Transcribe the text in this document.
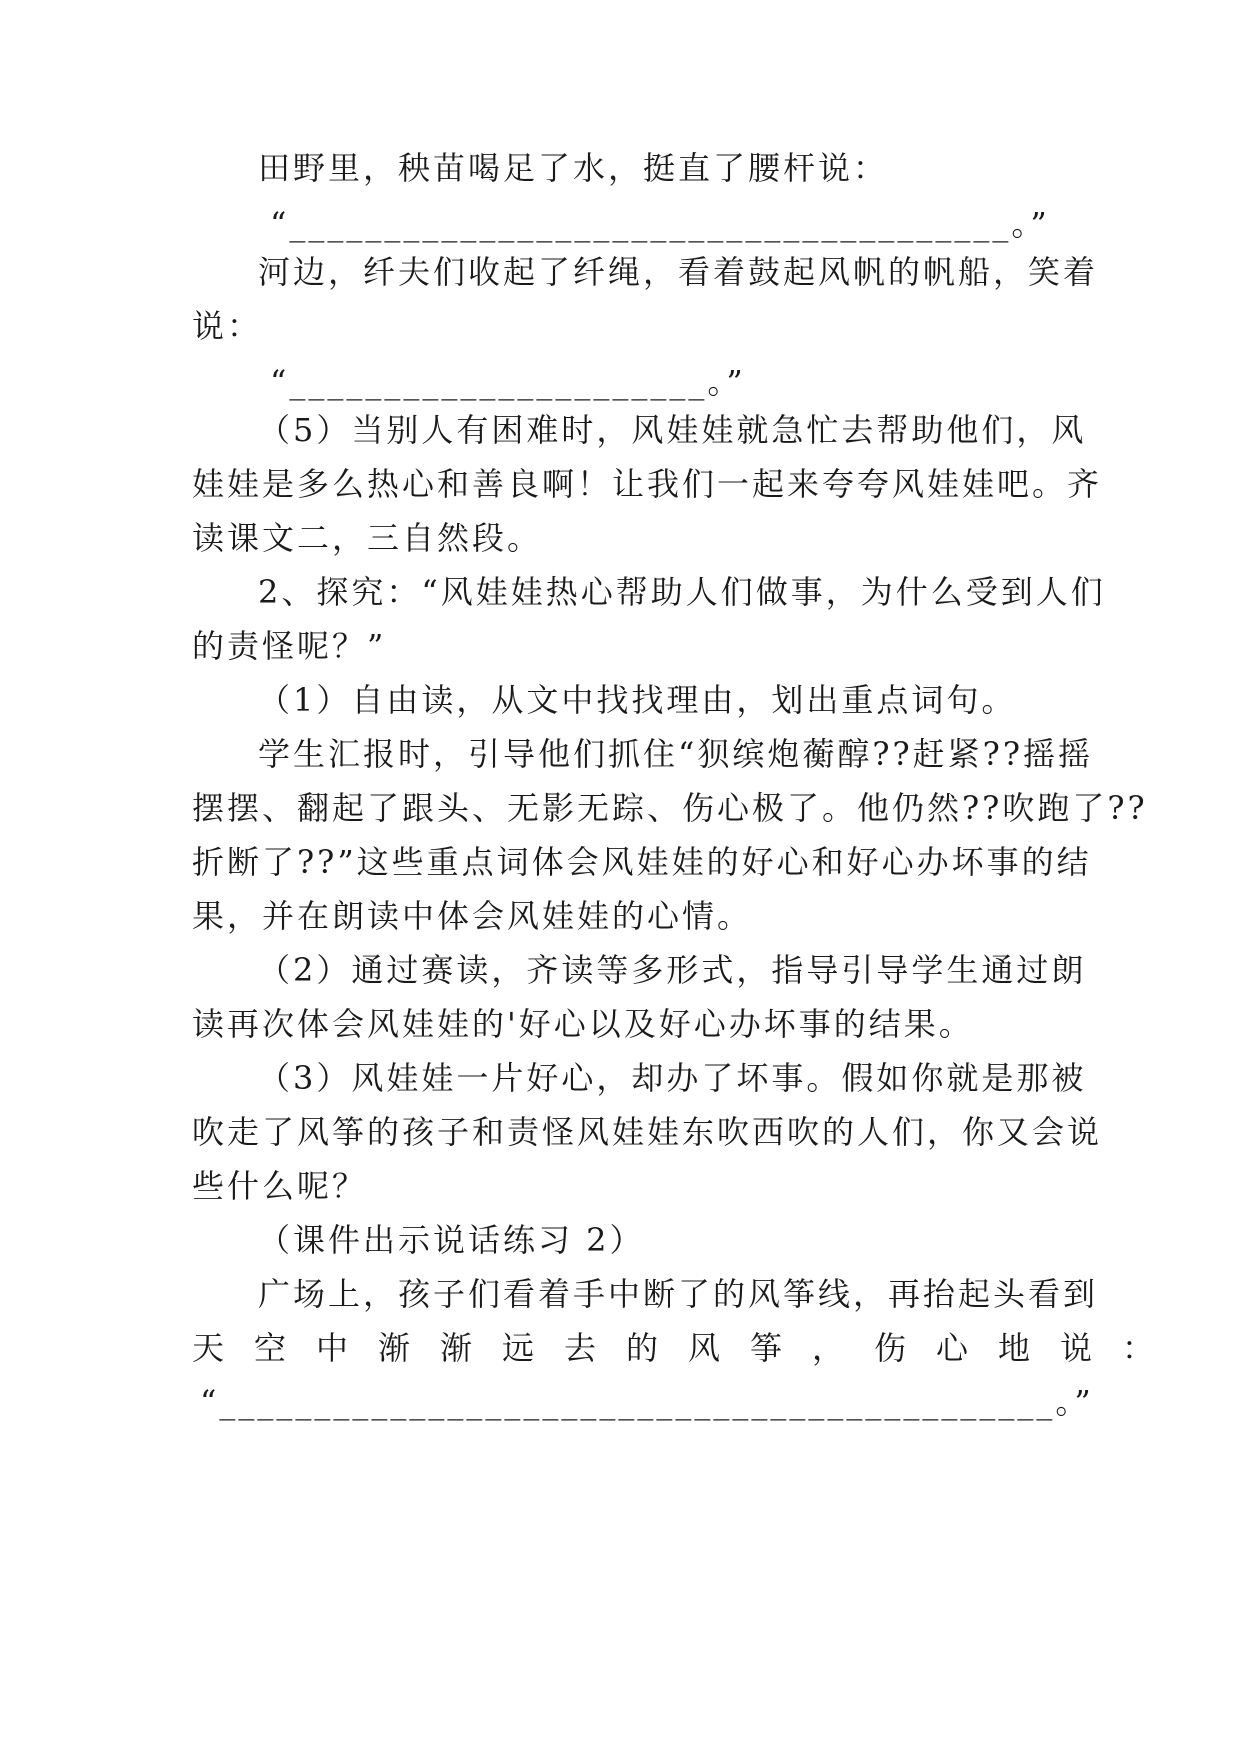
田野里，秧苗喝足了水，挺直了腰杆说：
“______________________________________。”
河边，纤夫们收起了纤绳，看着鼓起风帆的帆船，笑着
说：
“______________________。”
（5）当别人有困难时，风娃娃就急忙去帮助他们，风
娃娃是多么热心和善良啊！让我们一起来夸夸风娃娃吧。齐
读课文二，三自然段。
2、探究：“风娃娃热心帮助人们做事，为什么受到人们
的责怪呢？”
（1）自由读，从文中找找理由，划出重点词句。
学生汇报时，引导他们抓住“狈缤炮蘅醇??赶紧??摇摇
摆摆、翻起了跟头、无影无踪、伤心极了。他仍然??吹跑了??
折断了??”这些重点词体会风娃娃的好心和好心办坏事的结
果，并在朗读中体会风娃娃的心情。
（2）通过赛读，齐读等多形式，指导引导学生通过朗
读再次体会风娃娃的'好心以及好心办坏事的结果。
（3）风娃娃一片好心，却办了坏事。假如你就是那被
吹走了风筝的孩子和责怪风娃娃东吹西吹的人们，你又会说
些什么呢？
（课件出示说话练习 2）
广场上，孩子们看着手中断了的风筝线，再抬起头看到
天空中渐渐远去的风筝，伤心地说：
“____________________________________________。”
